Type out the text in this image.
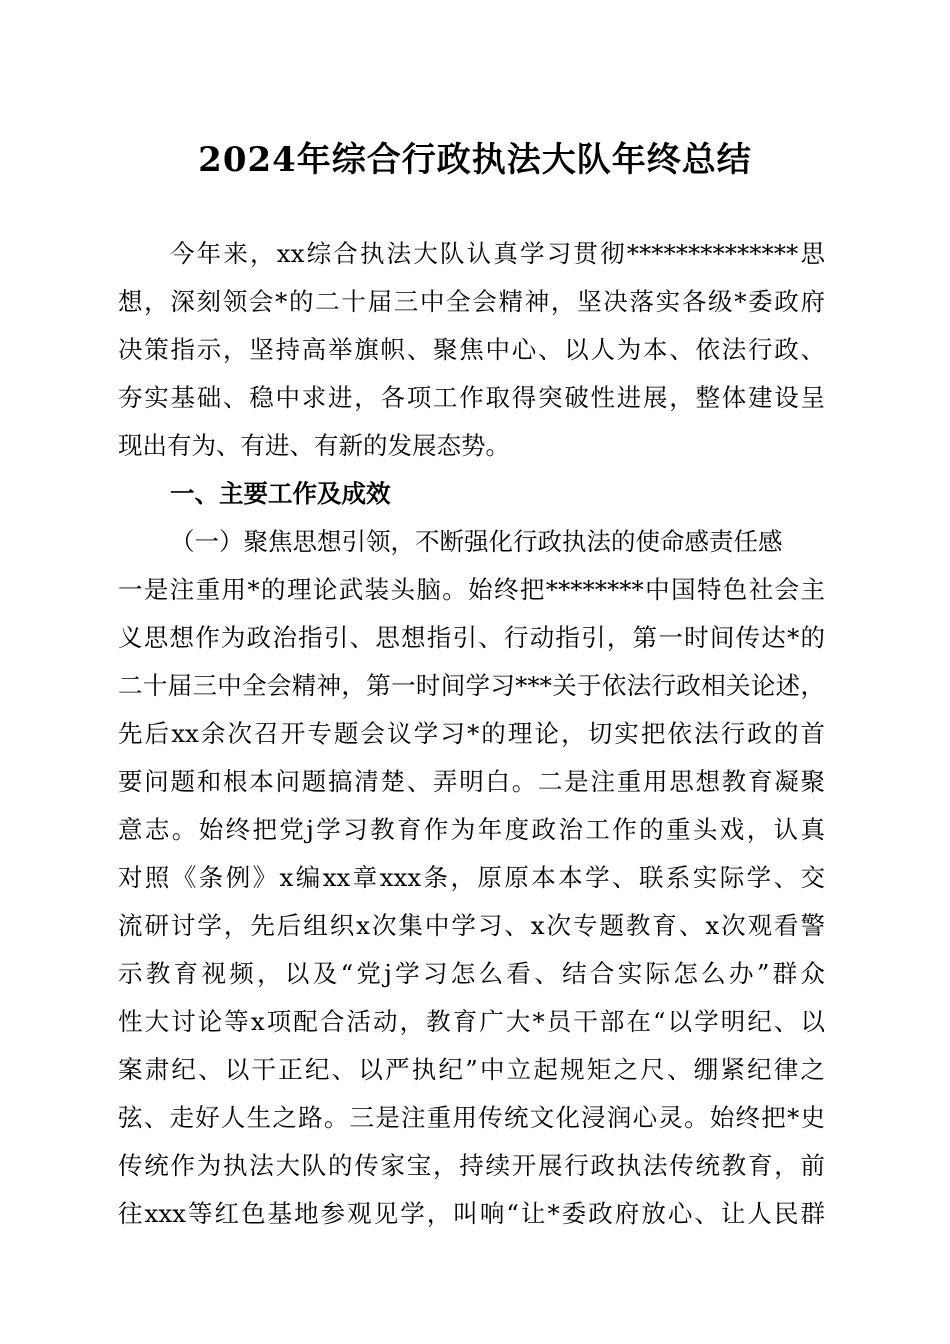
2024年综合行政执法大队年终总结
今年来，xx综合执法大队认真学习贯彻**************思
想，深刻领会*的二十届三中全会精神，坚决落实各级*委政府
决策指示，坚持高举旗帜、聚焦中心、以人为本、依法行政、
夯实基础、稳中求进，各项工作取得突破性进展，整体建设呈
现出有为、有进、有新的发展态势。
一、主要工作及成效
（一）聚焦思想引领，不断强化行政执法的使命感责任感
一是注重用*的理论武装头脑。始终把********中国特色社会主
义思想作为政治指引、思想指引、行动指引，第一时间传达*的
二十届三中全会精神，第一时间学习***关于依法行政相关论述，
先后xx余次召开专题会议学习*的理论，切实把依法行政的首
要问题和根本问题搞清楚、弄明白。二是注重用思想教育凝聚
意志。始终把党j学习教育作为年度政治工作的重头戏，认真
对照《条例》x编xx章xxx条，原原本本学、联系实际学、交
流研讨学，先后组织x次集中学习、x次专题教育、x次观看警
示教育视频，以及“党j学习怎么看、结合实际怎么办”群众
性大讨论等x项配合活动，教育广大*员干部在“以学明纪、以
案肃纪、以干正纪、以严执纪”中立起规矩之尺、绷紧纪律之
弦、走好人生之路。三是注重用传统文化浸润心灵。始终把*史
传统作为执法大队的传家宝，持续开展行政执法传统教育，前
往xxx等红色基地参观见学，叫响“让*委政府放心、让人民群
